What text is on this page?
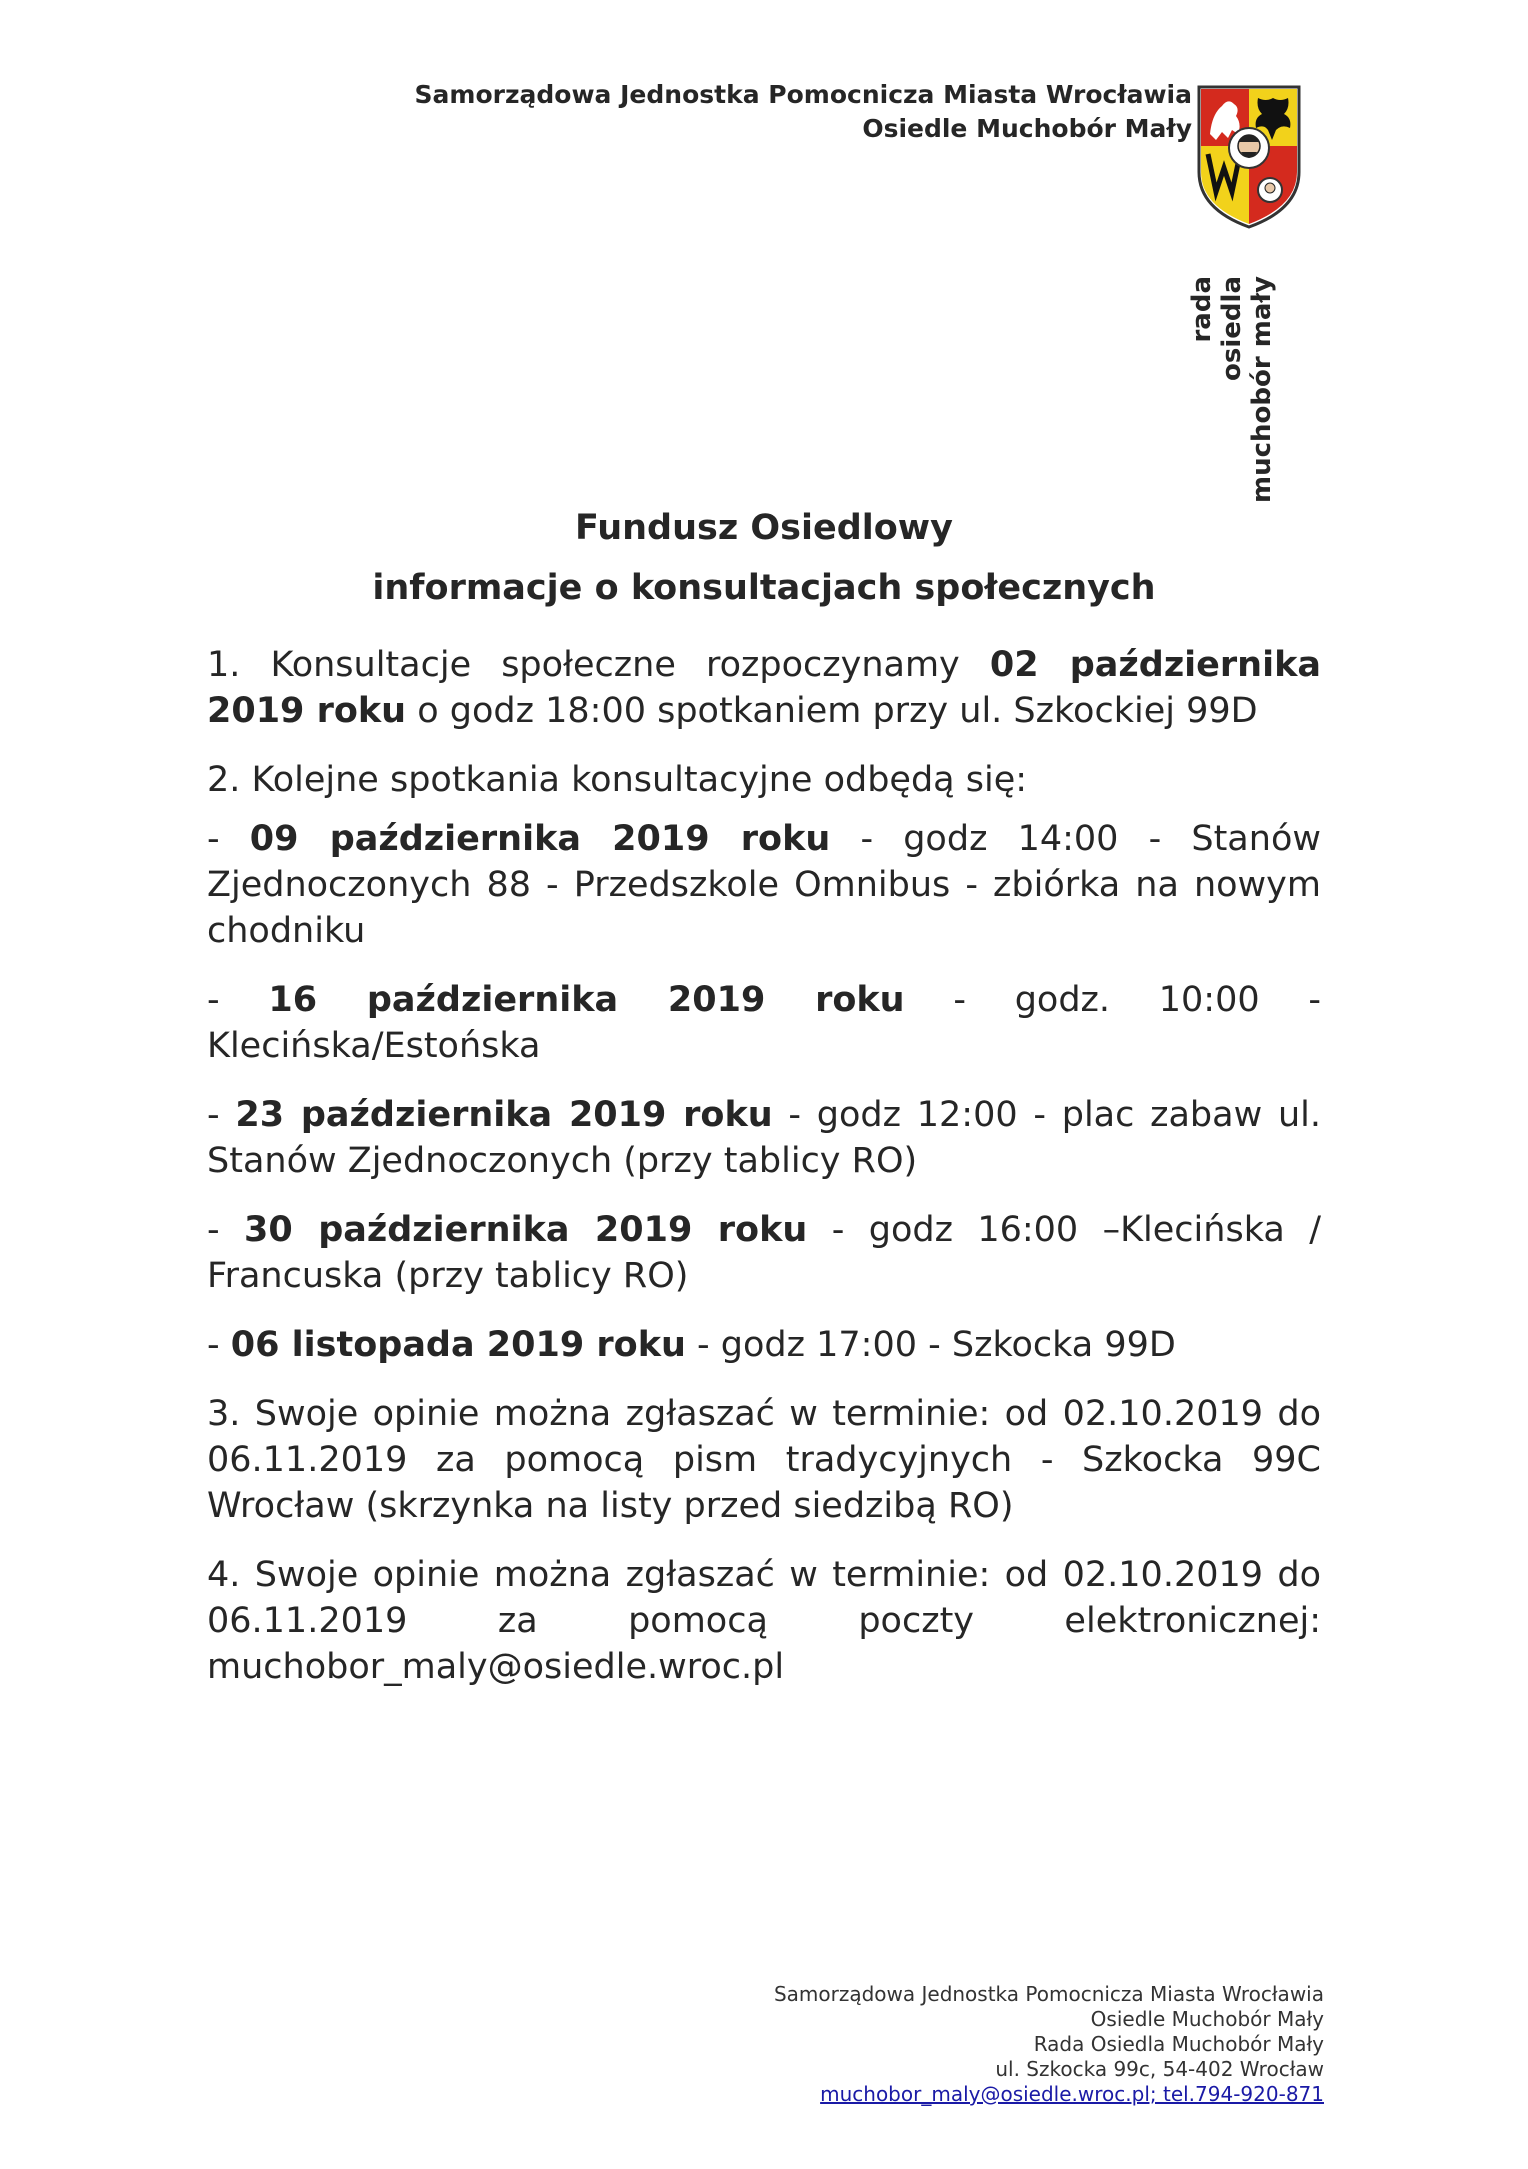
Samorządowa Jednostka Pomocnicza Miasta Wrocławia
Osiedle Muchobór Mały
rada osiedla muchobór mały
Fundusz Osiedlowy
informacje o konsultacjach społecznych

1. Konsultacje społeczne rozpoczynamy 02 października 2019 roku o godz 18:00 spotkaniem przy ul. Szkockiej 99D

2. Kolejne spotkania konsultacyjne odbędą się:

- 09 października 2019 roku - godz 14:00 - Stanów Zjednoczonych 88 - Przedszkole Omnibus - zbiórka na nowym chodniku

- 16 października 2019 roku - godz. 10:00 - Klecińska/Estońska

- 23 października 2019 roku - godz 12:00 - plac zabaw ul. Stanów Zjednoczonych (przy tablicy RO)

- 30 października 2019 roku - godz 16:00 –Klecińska / Francuska (przy tablicy RO)

- 06 listopada 2019 roku - godz 17:00 - Szkocka 99D

3. Swoje opinie można zgłaszać w terminie: od 02.10.2019 do 06.11.2019 za pomocą pism tradycyjnych - Szkocka 99C Wrocław (skrzynka na listy przed siedzibą RO)

4. Swoje opinie można zgłaszać w terminie: od 02.10.2019 do 06.11.2019 za pomocą poczty elektronicznej: muchobor_maly@osiedle.wroc.pl

Samorządowa Jednostka Pomocnicza Miasta Wrocławia
Osiedle Muchobór Mały
Rada Osiedla Muchobór Mały
ul. Szkocka 99c, 54-402 Wrocław
muchobor_maly@osiedle.wroc.pl; tel.794-920-871
